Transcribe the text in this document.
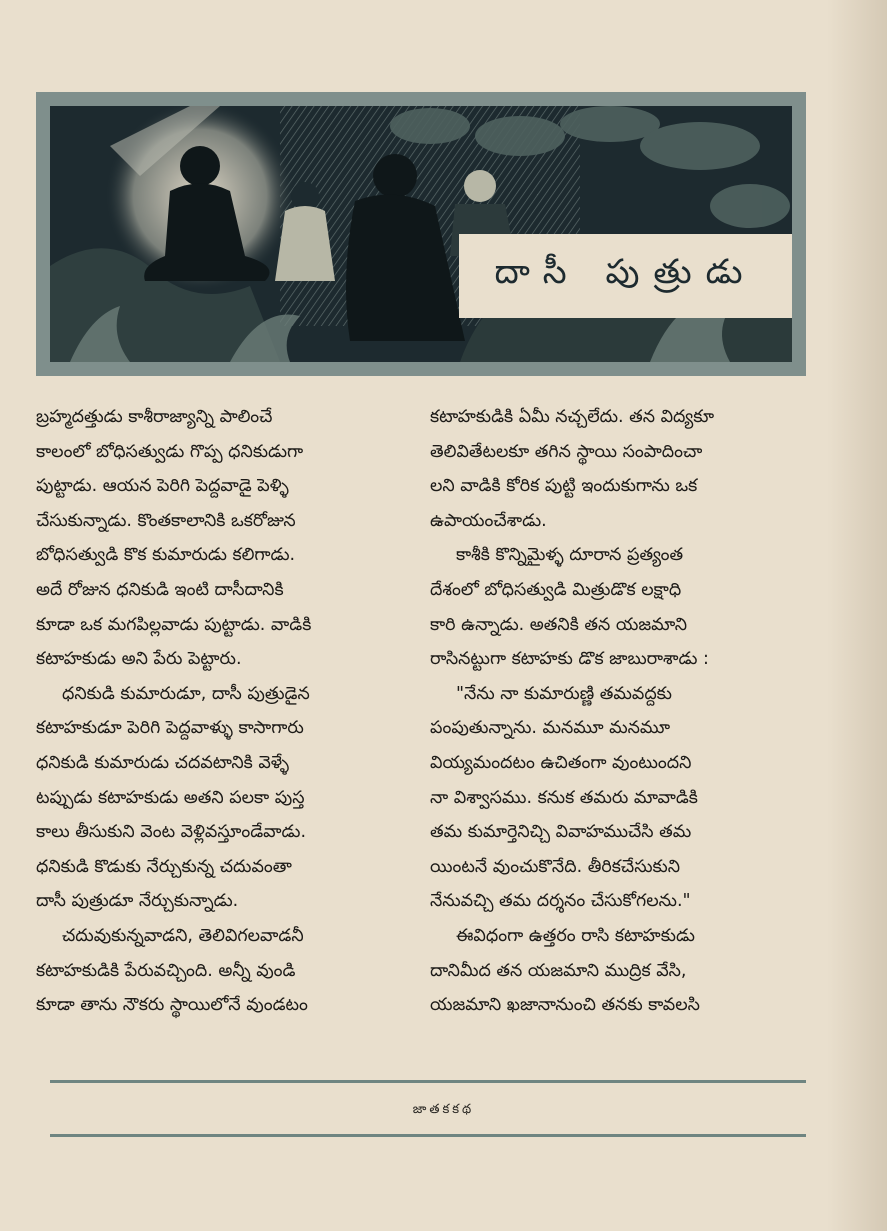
దాసీ పుత్రుడు
బ్రహ్మదత్తుడు కాశీరాజ్యాన్ని పాలించే
కాలంలో బోధిసత్వుడు గొప్ప ధనికుడుగా
పుట్టాడు. ఆయన పెరిగి పెద్దవాడై పెళ్ళి
చేసుకున్నాడు. కొంతకాలానికి ఒకరోజున
బోధిసత్వుడి కొక కుమారుడు కలిగాడు.
అదే రోజున ధనికుడి ఇంటి దాసీదానికి
కూడా ఒక మగపిల్లవాడు పుట్టాడు. వాడికి
కటాహకుడు అని పేరు పెట్టారు.
ధనికుడి కుమారుడూ, దాసీ పుత్రుడైన
కటాహకుడూ పెరిగి పెద్దవాళ్ళు కాసాగారు
ధనికుడి కుమారుడు చదవటానికి వెళ్ళే
టప్పుడు కటాహకుడు అతని పలకా పుస్త
కాలు తీసుకుని వెంట వెళ్లివస్తూండేవాడు.
ధనికుడి కొడుకు నేర్చుకున్న చదువంతా
దాసీ పుత్రుడూ నేర్చుకున్నాడు.
చదువుకున్నవాడని, తెలివిగలవాడనీ
కటాహకుడికి పేరువచ్చింది. అన్నీ వుండి
కూడా తాను నౌకరు స్థాయిలోనే వుండటం
కటాహకుడికి ఏమీ నచ్చలేదు. తన విద్యకూ
తెలివితేటలకూ తగిన స్థాయి సంపాదించా
లని వాడికి కోరిక పుట్టి ఇందుకుగాను ఒక
ఉపాయంచేశాడు.
కాశీకి కొన్నిమైళ్ళ దూరాన ప్రత్యంత
దేశంలో బోధిసత్వుడి మిత్రుడొక లక్షాధి
కారి ఉన్నాడు. అతనికి తన యజమాని
రాసినట్టుగా కటాహకు డొక జాబురాశాడు :
"నేను నా కుమారుణ్ణి తమవద్దకు
పంపుతున్నాను. మనమూ మనమూ
వియ్యమందటం ఉచితంగా వుంటుందని
నా విశ్వాసము. కనుక తమరు మావాడికి
తమ కుమార్తెనిచ్చి వివాహముచేసి తమ
యింటనే వుంచుకొనేది. తీరికచేసుకుని
నేనువచ్చి తమ దర్శనం చేసుకోగలను."
ఈవిధంగా ఉత్తరం రాసి కటాహకుడు
దానిమీద తన యజమాని ముద్రిక వేసి,
యజమాని ఖజానానుంచి తనకు కావలసి
జాతకకథ
